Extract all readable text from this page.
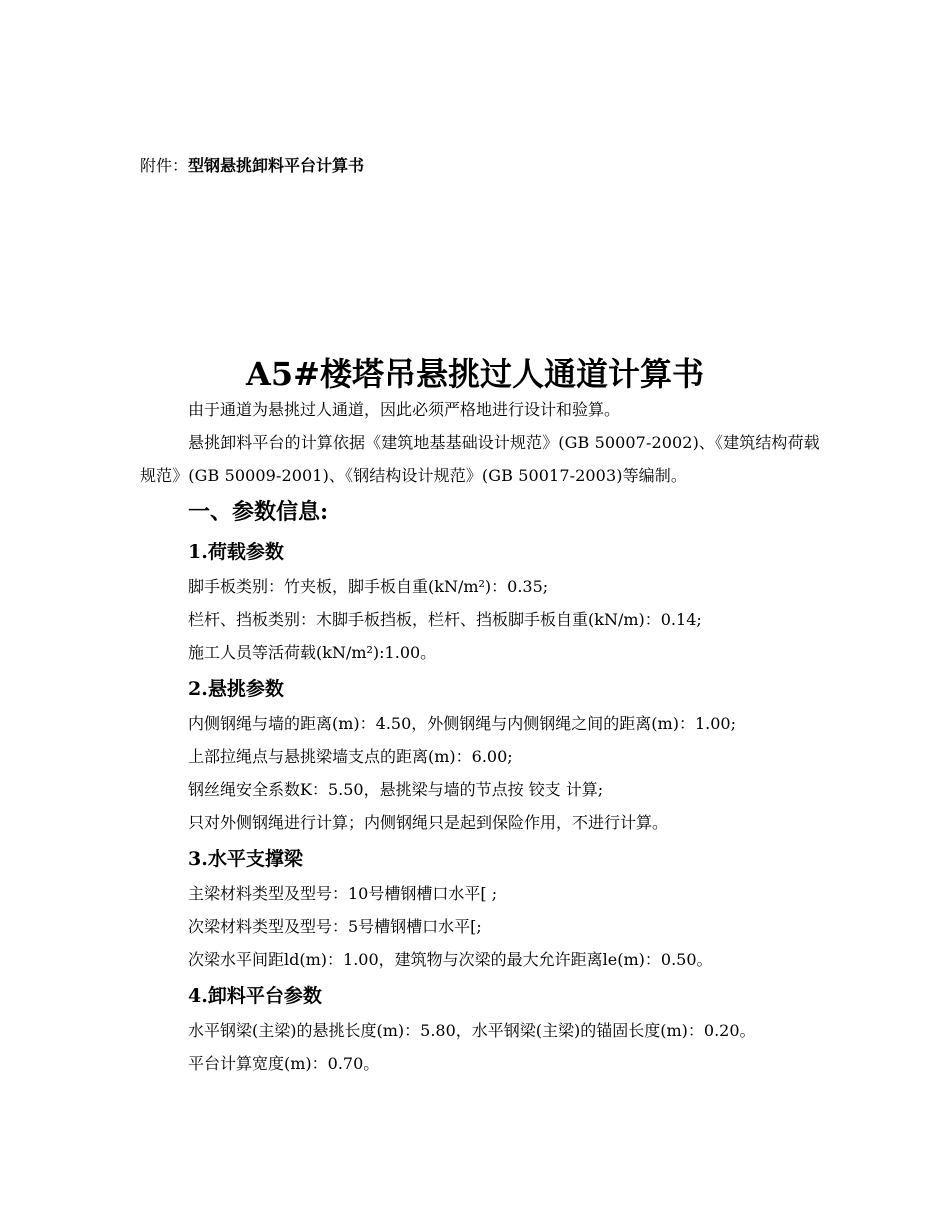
附件：型钢悬挑卸料平台计算书
A5#楼塔吊悬挑过人通道计算书

由于通道为悬挑过人通道，因此必须严格地进行设计和验算。

悬挑卸料平台的计算依据《建筑地基基础设计规范》(GB 50007-2002)、《建筑结构荷载规范》(GB 50009-2001)、《钢结构设计规范》(GB 50017-2003)等编制。

一、参数信息:
1.荷载参数
脚手板类别：竹夹板，脚手板自重(kN/m²)：0.35;
栏杆、挡板类别：木脚手板挡板，栏杆、挡板脚手板自重(kN/m)：0.14;
施工人员等活荷载(kN/m²):1.00。
2.悬挑参数
内侧钢绳与墙的距离(m)：4.50，外侧钢绳与内侧钢绳之间的距离(m)：1.00;
上部拉绳点与悬挑梁墙支点的距离(m)：6.00;
钢丝绳安全系数K：5.50，悬挑梁与墙的节点按 铰支 计算;
只对外侧钢绳进行计算；内侧钢绳只是起到保险作用，不进行计算。
3.水平支撑梁
主梁材料类型及型号：10号槽钢槽口水平[ ;
次梁材料类型及型号：5号槽钢槽口水平[;
次梁水平间距ld(m)：1.00，建筑物与次梁的最大允许距离le(m)：0.50。
4.卸料平台参数

水平钢梁(主梁)的悬挑长度(m)：5.80，水平钢梁(主梁)的锚固长度(m)：0.20。

平台计算宽度(m)：0.70。
